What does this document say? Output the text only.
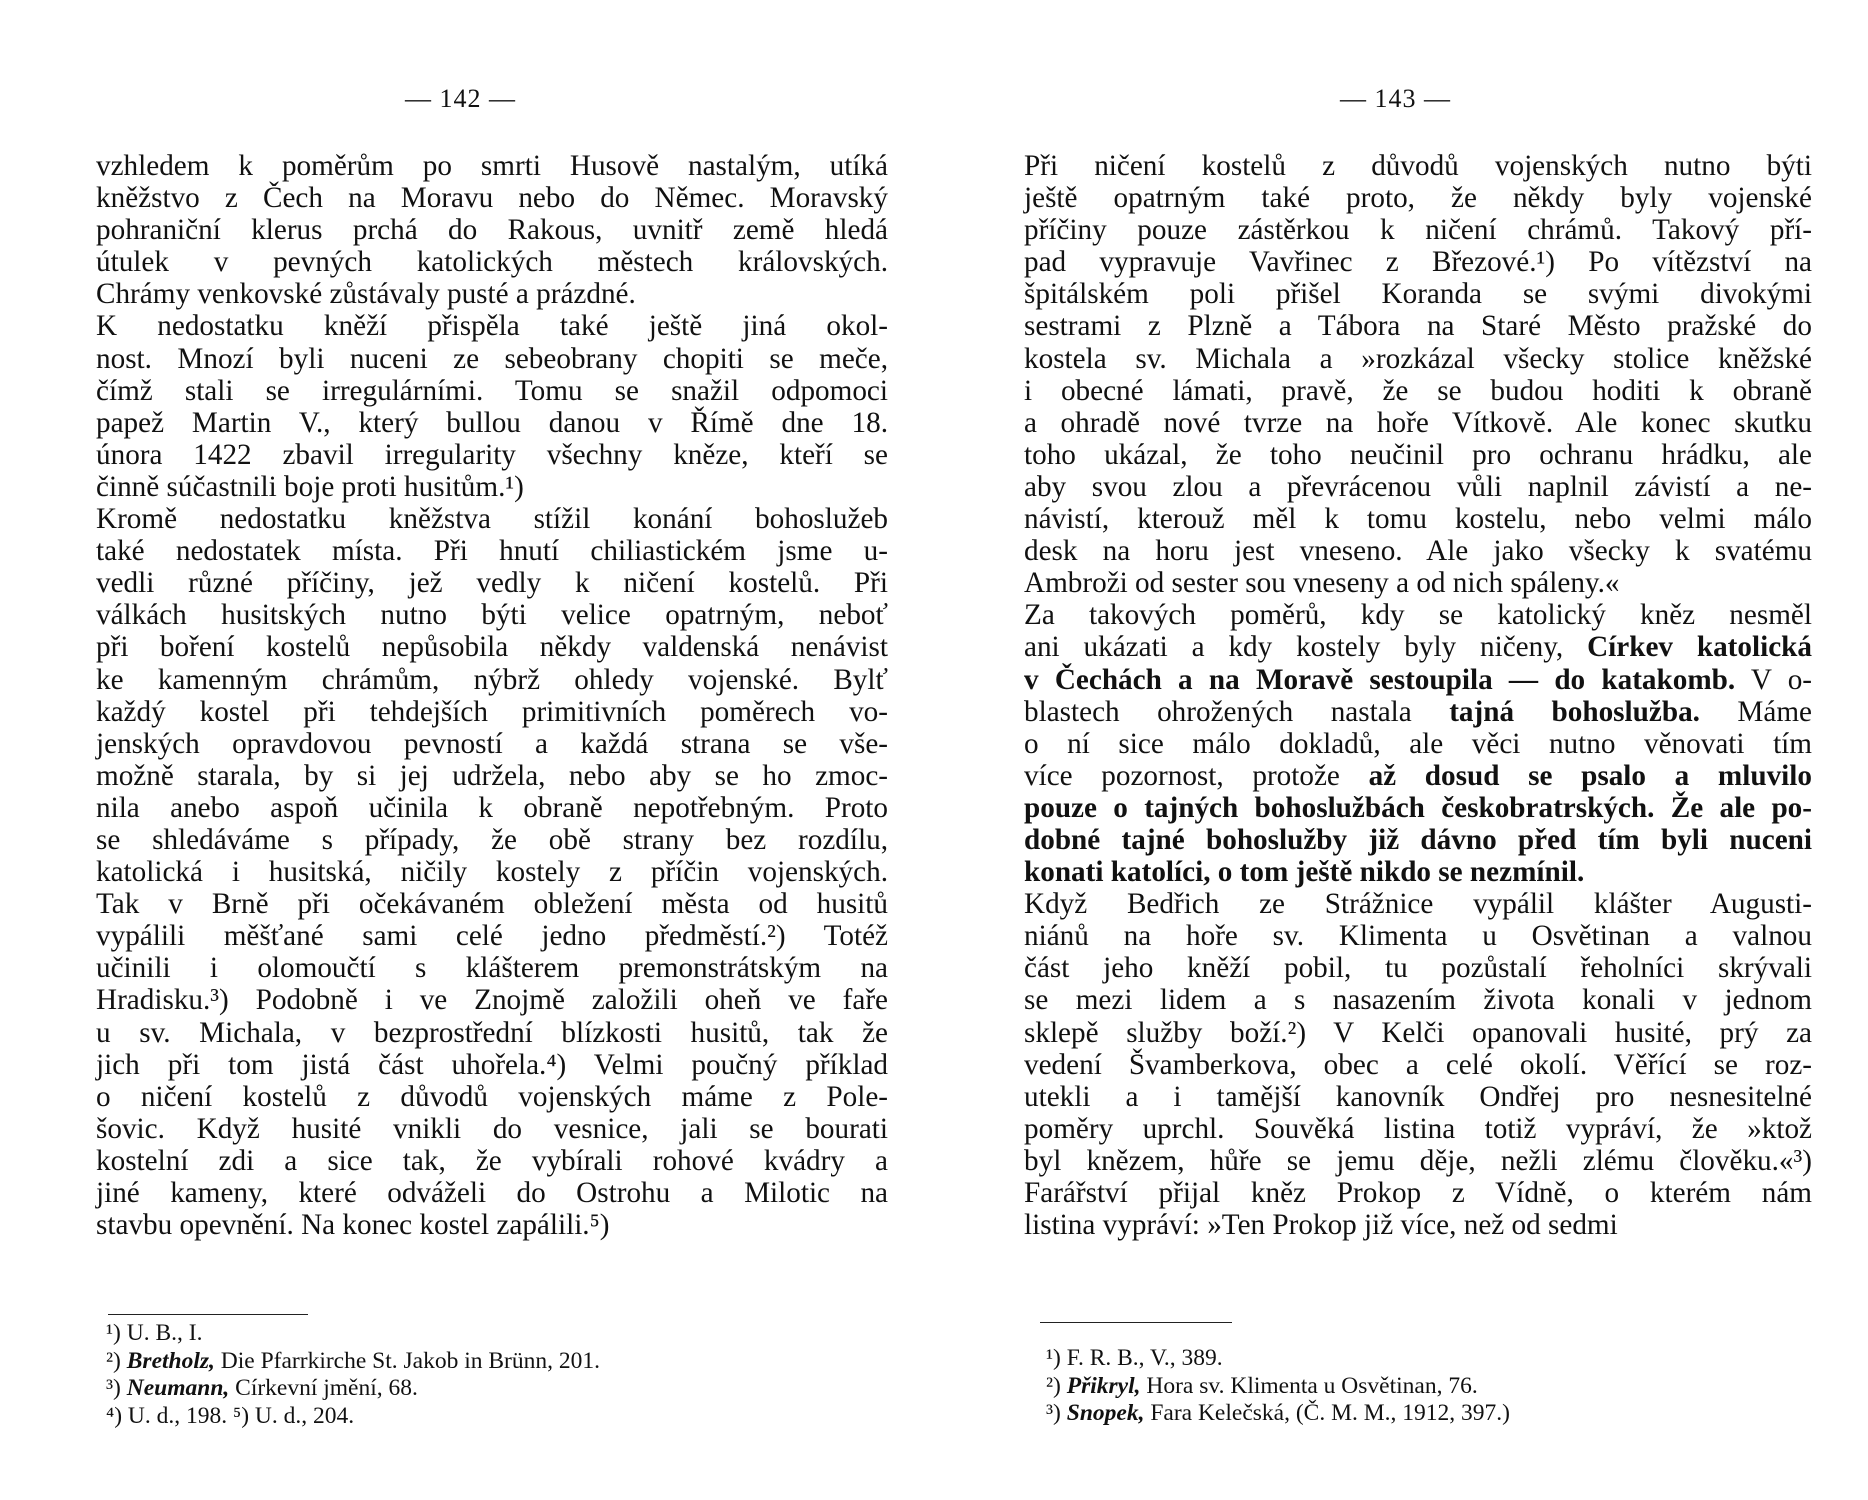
— 142 —
vzhledem k poměrům po smrti Husově nastalým, utíká
kněžstvo z Čech na Moravu nebo do Němec. Moravský
pohraniční klerus prchá do Rakous, uvnitř země hledá
útulek v pevných katolických městech královských.
Chrámy venkovské zůstávaly pusté a prázdné.
K nedostatku kněží přispěla také ještě jiná okol-
nost. Mnozí byli nuceni ze sebeobrany chopiti se meče,
čímž stali se irregulárními. Tomu se snažil odpomoci
papež Martin V., který bullou danou v Římě dne 18.
února 1422 zbavil irregularity všechny kněze, kteří se
činně súčastnili boje proti husitům.¹)
Kromě nedostatku kněžstva stížil konání bohoslužeb
také nedostatek místa. Při hnutí chiliastickém jsme u-
vedli různé příčiny, jež vedly k ničení kostelů. Při
válkách husitských nutno býti velice opatrným, neboť
při boření kostelů nepůsobila někdy valdenská nenávist
ke kamenným chrámům, nýbrž ohledy vojenské. Bylť
každý kostel při tehdejších primitivních poměrech vo-
jenských opravdovou pevností a každá strana se vše-
možně starala, by si jej udržela, nebo aby se ho zmoc-
nila anebo aspoň učinila k obraně nepotřebným. Proto
se shledáváme s případy, že obě strany bez rozdílu,
katolická i husitská, ničily kostely z příčin vojenských.
Tak v Brně při očekávaném obležení města od husitů
vypálili měšťané sami celé jedno předměstí.²) Totéž
učinili i olomoučtí s klášterem premonstrátským na
Hradisku.³) Podobně i ve Znojmě založili oheň ve faře
u sv. Michala, v bezprostřední blízkosti husitů, tak že
jich při tom jistá část uhořela.⁴) Velmi poučný příklad
o ničení kostelů z důvodů vojenských máme z Pole-
šovic. Když husité vnikli do vesnice, jali se bourati
kostelní zdi a sice tak, že vybírali rohové kvádry a
jiné kameny, které odváželi do Ostrohu a Milotic na
stavbu opevnění. Na konec kostel zapálili.⁵)
¹) U. B., I.
²) Bretholz, Die Pfarrkirche St. Jakob in Brünn, 201.
³) Neumann, Církevní jmění, 68.
⁴) U. d., 198. ⁵) U. d., 204.
— 143 —
Při ničení kostelů z důvodů vojenských nutno býti
ještě opatrným také proto, že někdy byly vojenské
příčiny pouze zástěrkou k ničení chrámů. Takový pří-
pad vypravuje Vavřinec z Březové.¹) Po vítězství na
špitálském poli přišel Koranda se svými divokými
sestrami z Plzně a Tábora na Staré Město pražské do
kostela sv. Michala a »rozkázal všecky stolice kněžské
i obecné lámati, pravě, že se budou hoditi k obraně
a ohradě nové tvrze na hoře Vítkově. Ale konec skutku
toho ukázal, že toho neučinil pro ochranu hrádku, ale
aby svou zlou a převrácenou vůli naplnil závistí a ne-
návistí, kterouž měl k tomu kostelu, nebo velmi málo
desk na horu jest vneseno. Ale jako všecky k svatému
Ambroži od sester sou vneseny a od nich spáleny.«
Za takových poměrů, kdy se katolický kněz nesměl
ani ukázati a kdy kostely byly ničeny, Církev katolická
v Čechách a na Moravě sestoupila — do katakomb. V o-
blastech ohrožených nastala tajná bohoslužba. Máme
o ní sice málo dokladů, ale věci nutno věnovati tím
více pozornost, protože až dosud se psalo a mluvilo
pouze o tajných bohoslužbách českobratrských. Že ale po-
dobné tajné bohoslužby již dávno před tím byli nuceni
konati katolíci, o tom ještě nikdo se nezmínil.
Když Bedřich ze Strážnice vypálil klášter Augusti-
niánů na hoře sv. Klimenta u Osvětinan a valnou
část jeho kněží pobil, tu pozůstalí řeholníci skrývali
se mezi lidem a s nasazením života konali v jednom
sklepě služby boží.²) V Kelči opanovali husité, prý za
vedení Švamberkova, obec a celé okolí. Věřící se roz-
utekli a i tamější kanovník Ondřej pro nesnesitelné
poměry uprchl. Souvěká listina totiž vypráví, že »ktož
byl knězem, hůře se jemu děje, nežli zlému člověku.«³)
Farářství přijal kněz Prokop z Vídně, o kterém nám
listina vypráví: »Ten Prokop již více, než od sedmi
¹) F. R. B., V., 389.
²) Přikryl, Hora sv. Klimenta u Osvětinan, 76.
³) Snopek, Fara Kelečská, (Č. M. M., 1912, 397.)
